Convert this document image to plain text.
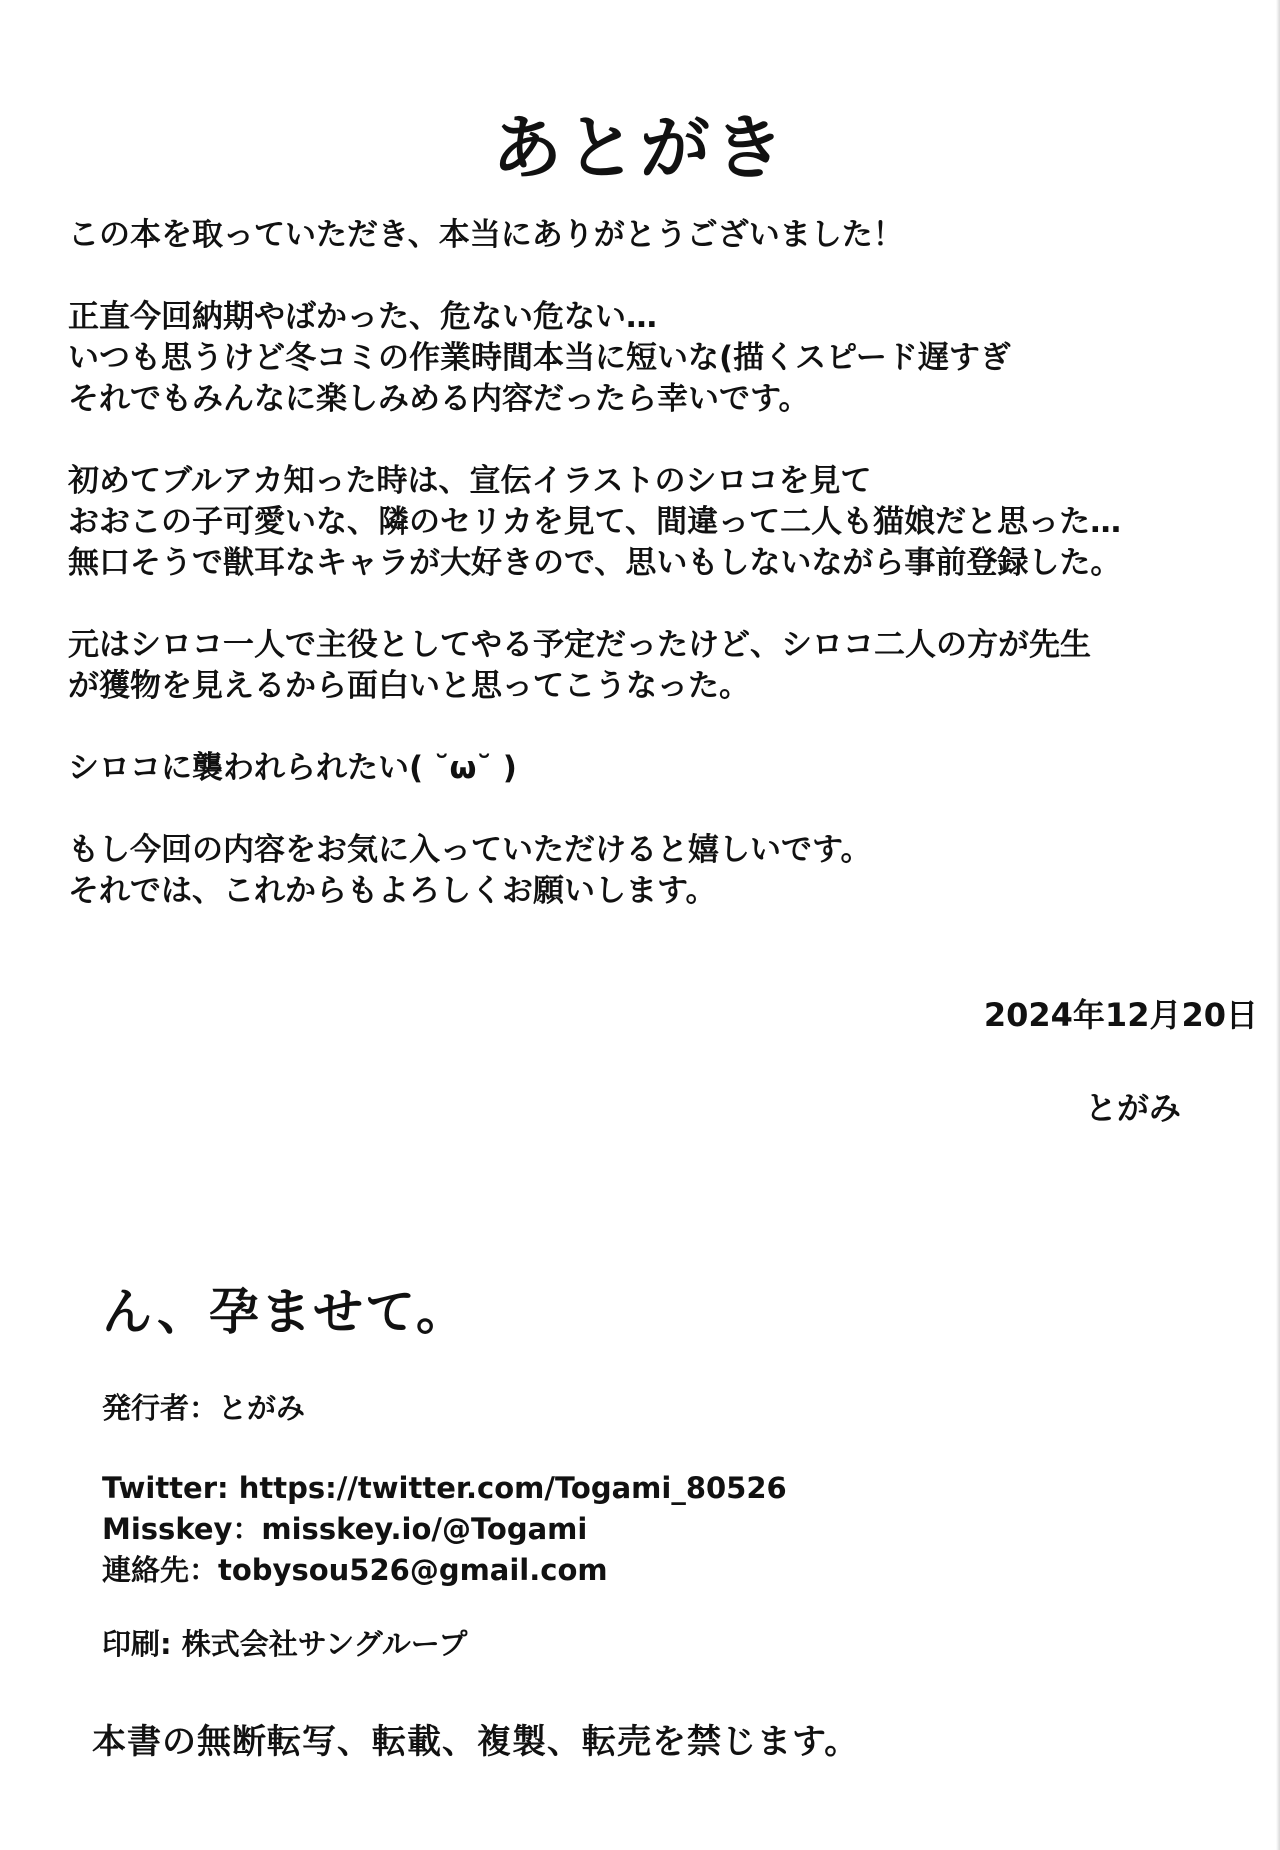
あとがき
この本を取っていただき、本当にありがとうございました！
正直今回納期やばかった、危ない危ない…
いつも思うけど冬コミの作業時間本当に短いな(描くスピード遅すぎ
それでもみんなに楽しみめる内容だったら幸いです。
初めてブルアカ知った時は、宣伝イラストのシロコを見て
おおこの子可愛いな、隣のセリカを見て、間違って二人も猫娘だと思った…
無口そうで獣耳なキャラが大好きので、思いもしないながら事前登録した。
元はシロコ一人で主役としてやる予定だったけど、シロコ二人の方が先生
が獲物を見えるから面白いと思ってこうなった。
シロコに襲われられたい( ˘ω˘ )
もし今回の内容をお気に入っていただけると嬉しいです。
それでは、これからもよろしくお願いします。
2024年12月20日
とがみ
ん、孕ませて。
発行者：とがみ
Twitter: https://twitter.com/Togami_80526
Misskey：misskey.io/@Togami
連絡先：tobysou526@gmail.com
印刷: 株式会社サングループ
本書の無断転写、転載、複製、転売を禁じます。
